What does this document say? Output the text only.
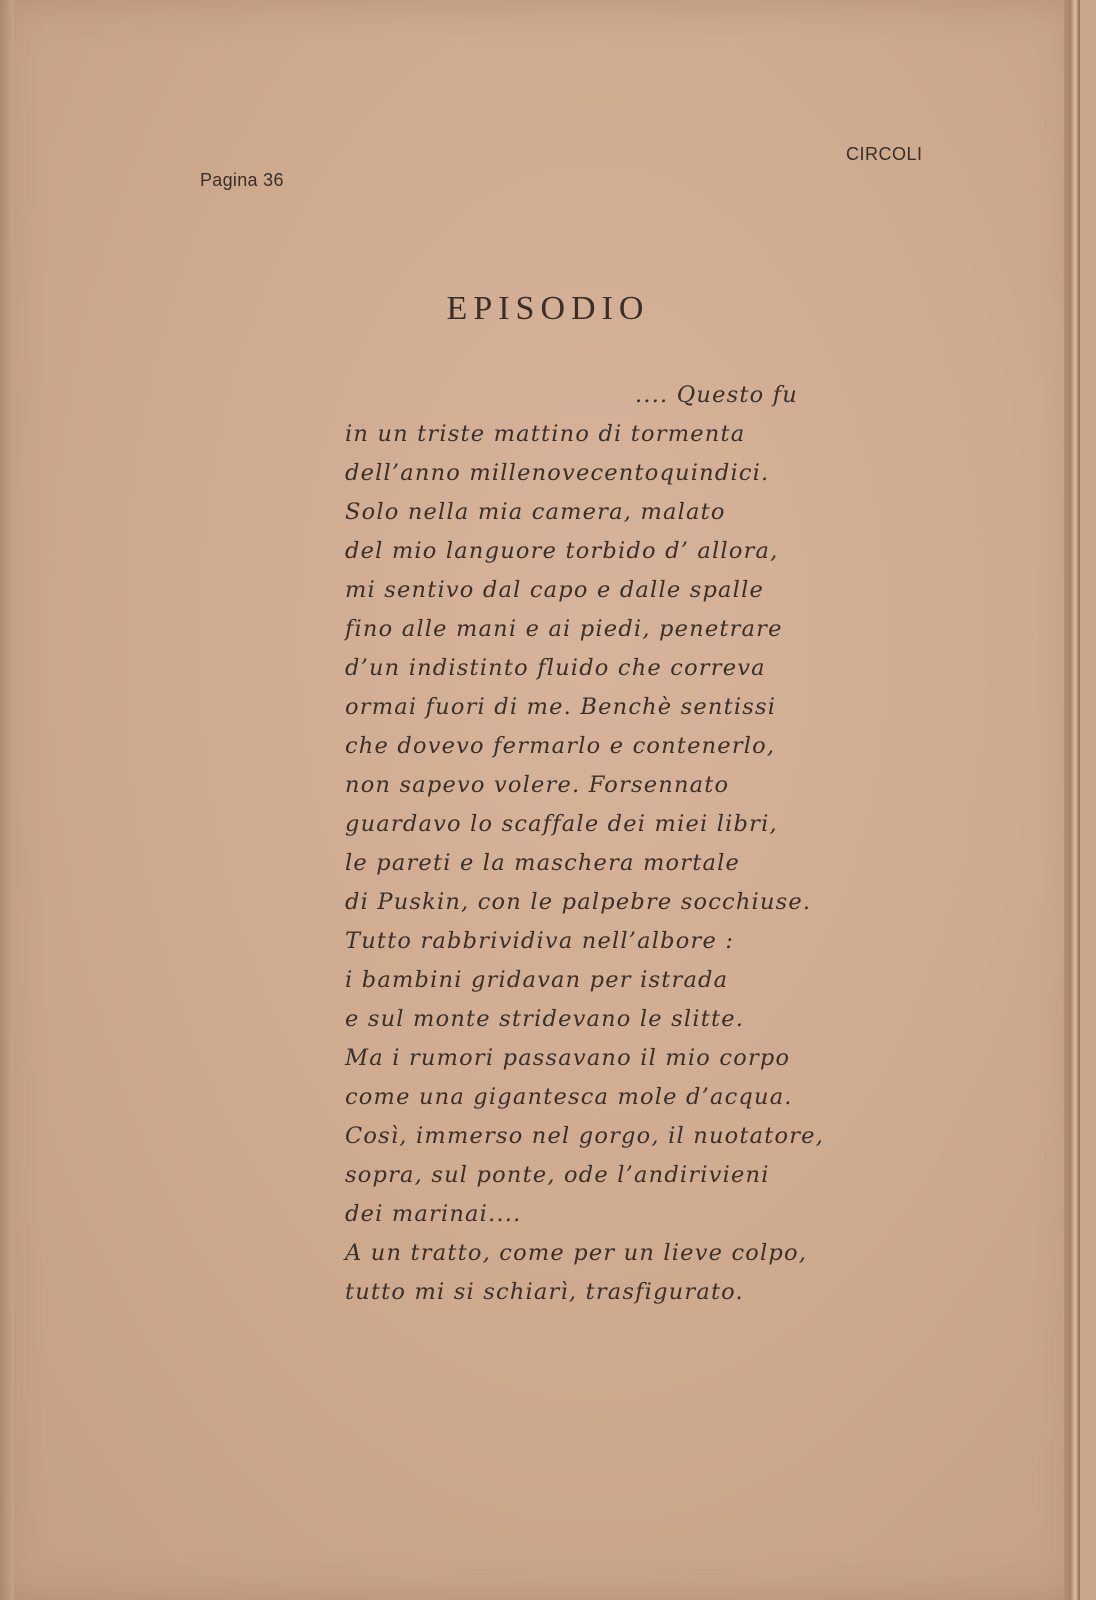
Pagina 36
CIRCOLI
EPISODIO
.... Questo fu
in un triste mattino di tormenta
dell’anno millenovecentoquindici.
Solo nella mia camera, malato
del mio languore torbido d’ allora,
mi sentivo dal capo e dalle spalle
fino alle mani e ai piedi, penetrare
d’un indistinto fluido che correva
ormai fuori di me. Benchè sentissi
che dovevo fermarlo e contenerlo,
non sapevo volere. Forsennato
guardavo lo scaffale dei miei libri,
le pareti e la maschera mortale
di Puskin, con le palpebre socchiuse.
Tutto rabbrividiva nell’albore :
i bambini gridavan per istrada
e sul monte stridevano le slitte.
Ma i rumori passavano il mio corpo
come una gigantesca mole d’acqua.
Così, immerso nel gorgo, il nuotatore,
sopra, sul ponte, ode l’andirivieni
dei marinai....
A un tratto, come per un lieve colpo,
tutto mi si schiarì, trasfigurato.
